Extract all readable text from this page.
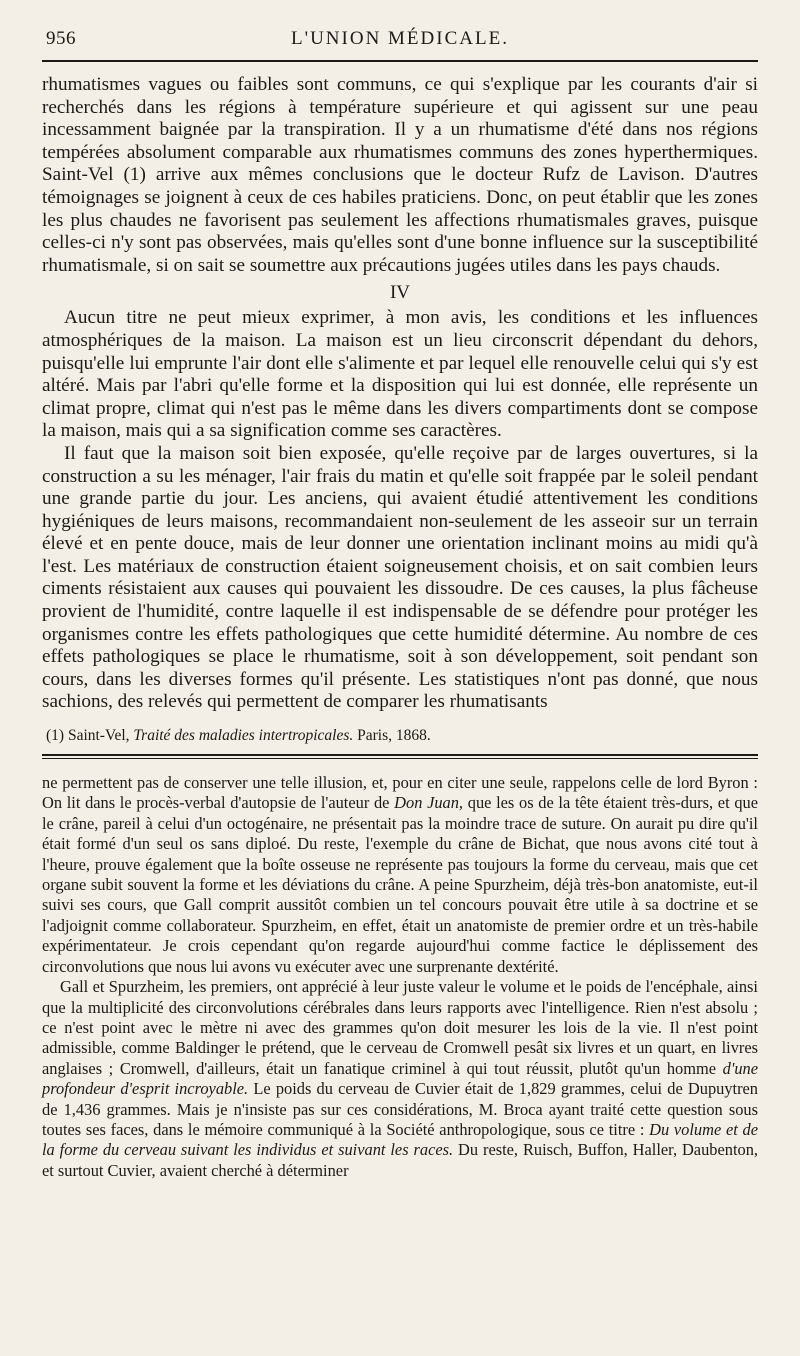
956	L'UNION MÉDICALE.

rhumatismes vagues ou faibles sont communs, ce qui s'explique par les courants d'air si recherchés dans les régions à température supérieure et qui agissent sur une peau incessamment baignée par la transpiration. Il y a un rhumatisme d'été dans nos régions tempérées absolument comparable aux rhumatismes communs des zones hyperthermiques. Saint-Vel (1) arrive aux mêmes conclusions que le docteur Rufz de Lavison. D'autres témoignages se joignent à ceux de ces habiles praticiens. Donc, on peut établir que les zones les plus chaudes ne favorisent pas seulement les affections rhumatismales graves, puisque celles-ci n'y sont pas observées, mais qu'elles sont d'une bonne influence sur la susceptibilité rhumatismale, si on sait se soumettre aux précautions jugées utiles dans les pays chauds.

IV

Aucun titre ne peut mieux exprimer, à mon avis, les conditions et les influences atmosphériques de la maison. La maison est un lieu circonscrit dépendant du dehors, puisqu'elle lui emprunte l'air dont elle s'alimente et par lequel elle renouvelle celui qui s'y est altéré. Mais par l'abri qu'elle forme et la disposition qui lui est donnée, elle représente un climat propre, climat qui n'est pas le même dans les divers compartiments dont se compose la maison, mais qui a sa signification comme ses caractères.

Il faut que la maison soit bien exposée, qu'elle reçoive par de larges ouvertures, si la construction a su les ménager, l'air frais du matin et qu'elle soit frappée par le soleil pendant une grande partie du jour. Les anciens, qui avaient étudié attentivement les conditions hygiéniques de leurs maisons, recommandaient non-seulement de les asseoir sur un terrain élevé et en pente douce, mais de leur donner une orientation inclinant moins au midi qu'à l'est. Les matériaux de construction étaient soigneusement choisis, et on sait combien leurs ciments résistaient aux causes qui pouvaient les dissoudre. De ces causes, la plus fâcheuse provient de l'humidité, contre laquelle il est indispensable de se défendre pour protéger les organismes contre les effets pathologiques que cette humidité détermine. Au nombre de ces effets pathologiques se place le rhumatisme, soit à son développement, soit pendant son cours, dans les diverses formes qu'il présente. Les statistiques n'ont pas donné, que nous sachions, des relevés qui permettent de comparer les rhumatisants

(1) Saint-Vel, Traité des maladies intertropicales. Paris, 1868.

ne permettent pas de conserver une telle illusion, et, pour en citer une seule, rappelons celle de lord Byron : On lit dans le procès-verbal d'autopsie de l'auteur de Don Juan, que les os de la tête étaient très-durs, et que le crâne, pareil à celui d'un octogénaire, ne présentait pas la moindre trace de suture. On aurait pu dire qu'il était formé d'un seul os sans diploé. Du reste, l'exemple du crâne de Bichat, que nous avons cité tout à l'heure, prouve également que la boîte osseuse ne représente pas toujours la forme du cerveau, mais que cet organe subit souvent la forme et les déviations du crâne. A peine Spurzheim, déjà très-bon anatomiste, eut-il suivi ses cours, que Gall comprit aussitôt combien un tel concours pouvait être utile à sa doctrine et se l'adjoignit comme collaborateur. Spurzheim, en effet, était un anatomiste de premier ordre et un très-habile expérimentateur. Je crois cependant qu'on regarde aujourd'hui comme factice le déplissement des circonvolutions que nous lui avons vu exécuter avec une surprenante dextérité.

Gall et Spurzheim, les premiers, ont apprécié à leur juste valeur le volume et le poids de l'encéphale, ainsi que la multiplicité des circonvolutions cérébrales dans leurs rapports avec l'intelligence. Rien n'est absolu ; ce n'est point avec le mètre ni avec des grammes qu'on doit mesurer les lois de la vie. Il n'est point admissible, comme Baldinger le prétend, que le cerveau de Cromwell pesât six livres et un quart, en livres anglaises ; Cromwell, d'ailleurs, était un fanatique criminel à qui tout réussit, plutôt qu'un homme d'une profondeur d'esprit incroyable. Le poids du cerveau de Cuvier était de 1,829 grammes, celui de Dupuytren de 1,436 grammes. Mais je n'insiste pas sur ces considérations, M. Broca ayant traité cette question sous toutes ses faces, dans le mémoire communiqué à la Société anthropologique, sous ce titre : Du volume et de la forme du cerveau suivant les individus et suivant les races. Du reste, Ruisch, Buffon, Haller, Daubenton, et surtout Cuvier, avaient cherché à déterminer
